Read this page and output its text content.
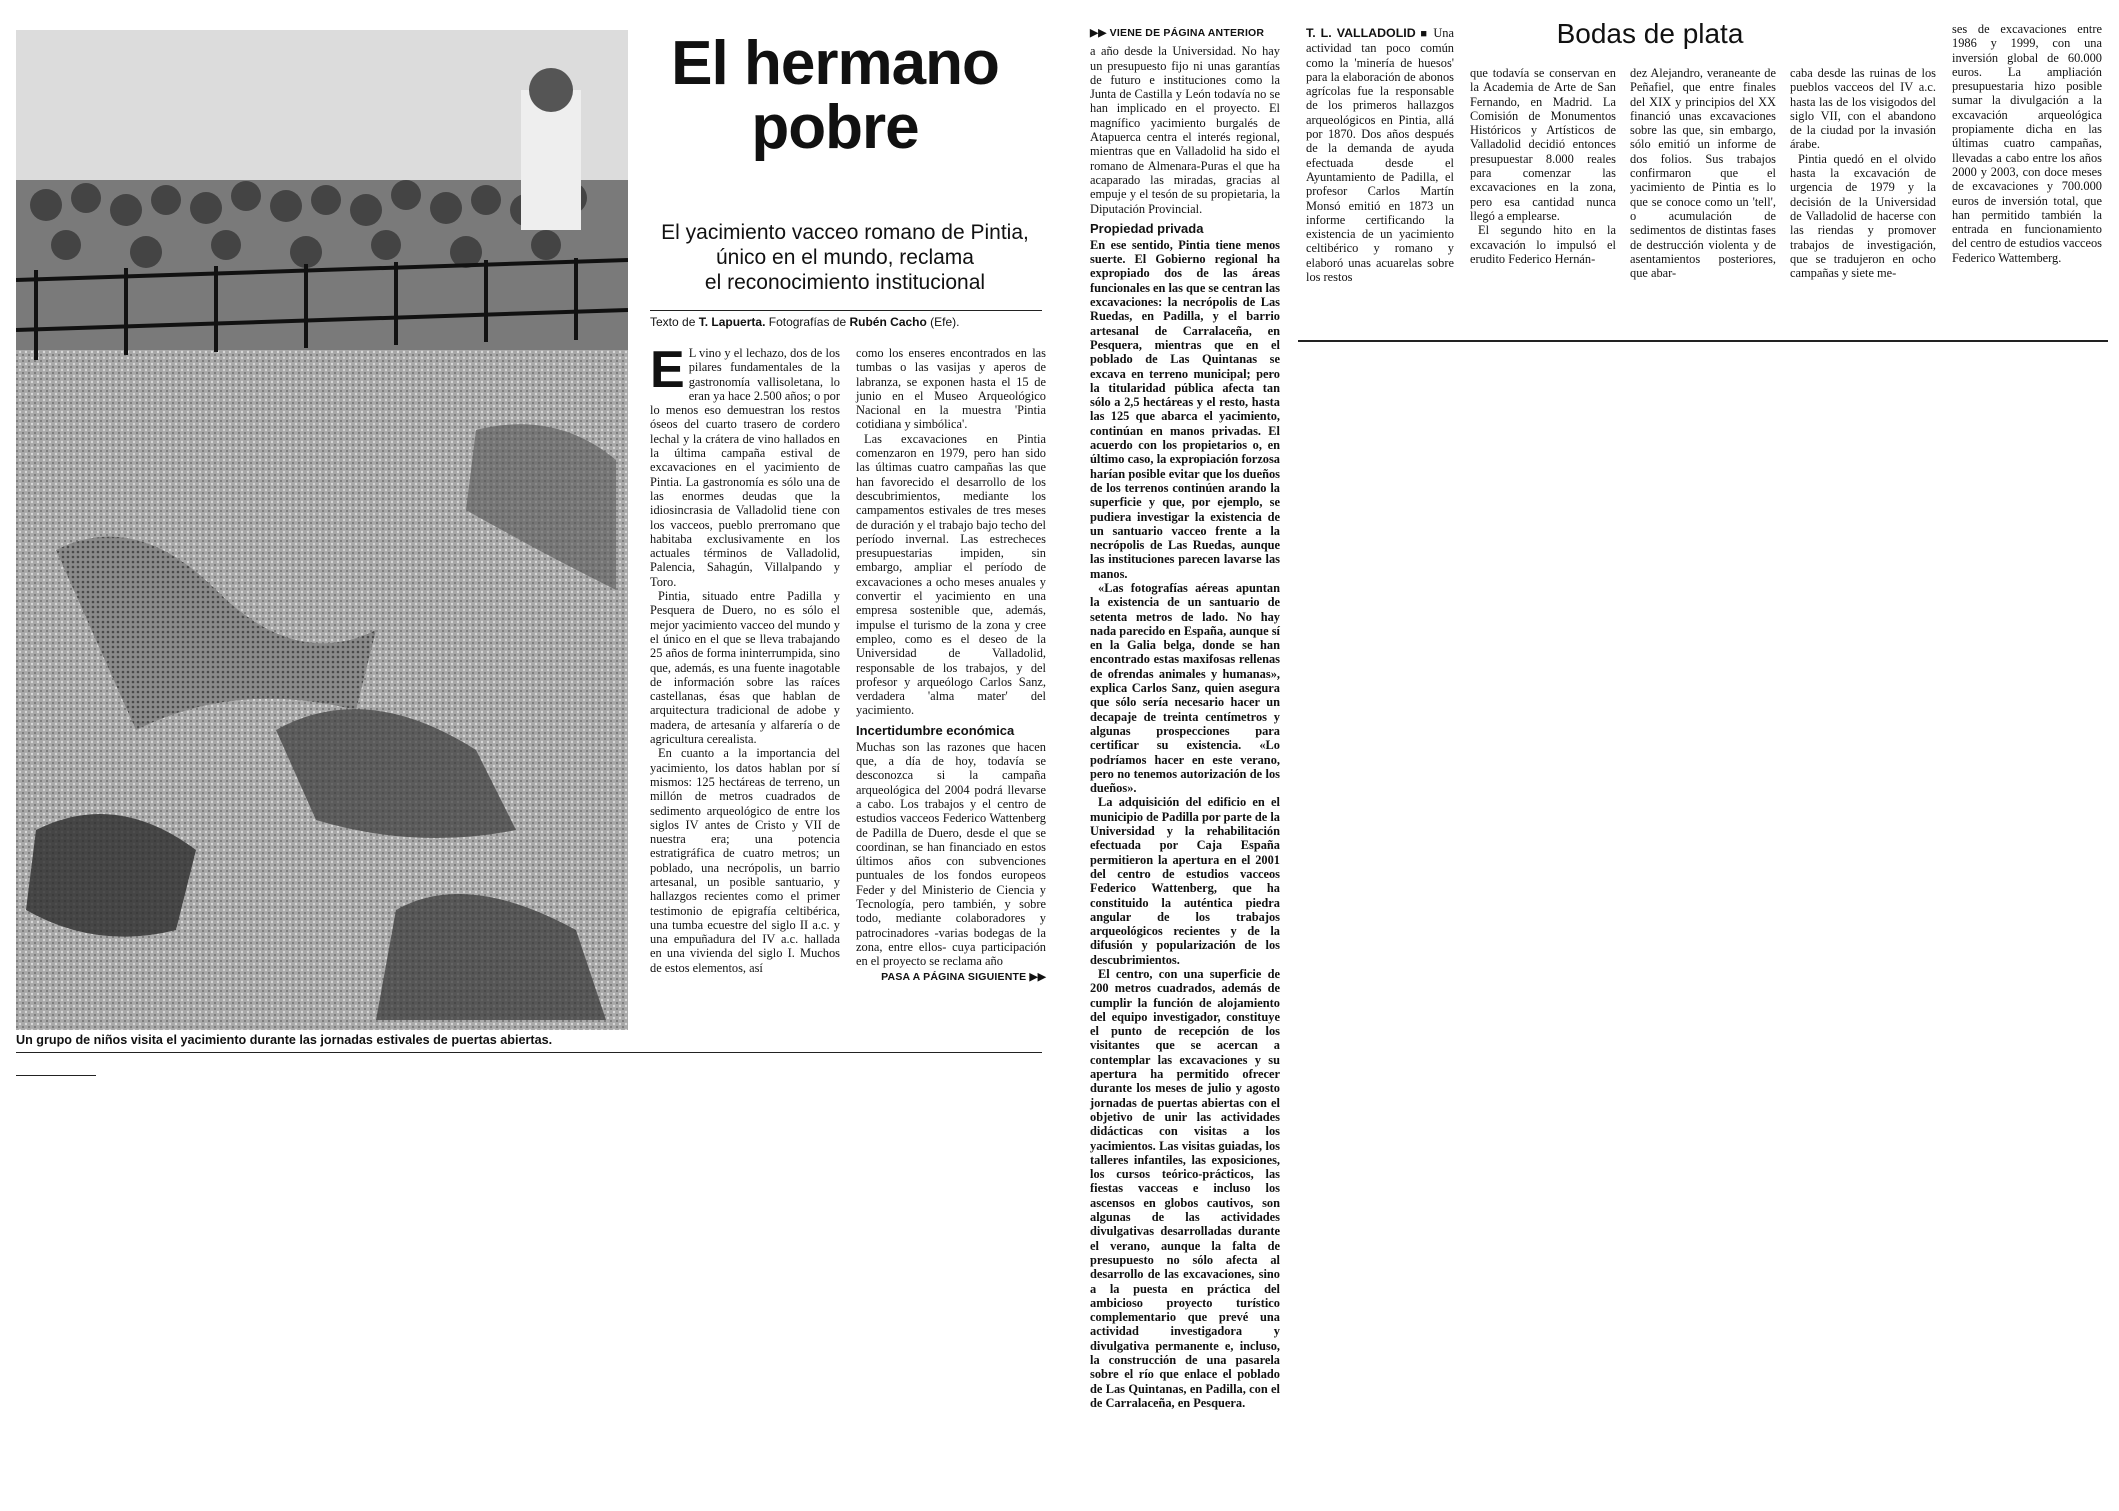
Un grupo de niños visita el yacimiento durante las jornadas estivales de puertas abiertas.
El hermano
pobre
El yacimiento vacceo romano de Pintia,
único en el mundo, reclama
el reconocimiento institucional
Texto de T. Lapuerta. Fotografías de Rubén Cacho (Efe).

E L vino y el lechazo, dos de los pilares fundamentales de la gastronomía vallisoletana, lo eran ya hace 2.500 años; o por lo menos eso demuestran los restos óseos del cuarto trasero de cordero lechal y la crátera de vino hallados en la última campaña estival de excavaciones en el yacimiento de Pintia. La gastronomía es sólo una de las enormes deudas que la idiosincrasia de Valladolid tiene con los vacceos, pueblo prerromano que habitaba exclusivamente en los actuales términos de Valladolid, Palencia, Sahagún, Villalpando y Toro.

Pintia, situado entre Padilla y Pesquera de Duero, no es sólo el mejor yacimiento vacceo del mundo y el único en el que se lleva trabajando 25 años de forma ininterrumpida, sino que, además, es una fuente inagotable de información sobre las raíces castellanas, ésas que hablan de arquitectura tradicional de adobe y madera, de artesanía y alfarería o de agricultura cerealista.

En cuanto a la importancia del yacimiento, los datos hablan por sí mismos: 125 hectáreas de terreno, un millón de metros cuadrados de sedimento arqueológico de entre los siglos IV antes de Cristo y VII de nuestra era; una potencia estratigráfica de cuatro metros; un poblado, una necrópolis, un barrio artesanal, un posible santuario, y hallazgos recientes como el primer testimonio de epigrafía celtibérica, una tumba ecuestre del siglo II a.c. y una empuñadura del IV a.c. hallada en una vivienda del siglo I. Muchos de estos elementos, así

como los enseres encontrados en las tumbas o las vasijas y aperos de labranza, se exponen hasta el 15 de junio en el Museo Arqueológico Nacional en la muestra 'Pintia cotidiana y simbólica'.

Las excavaciones en Pintia comenzaron en 1979, pero han sido las últimas cuatro campañas las que han favorecido el desarrollo de los descubrimientos, mediante los campamentos estivales de tres meses de duración y el trabajo bajo techo del período invernal. Las estrecheces presupuestarias impiden, sin embargo, ampliar el período de excavaciones a ocho meses anuales y convertir el yacimiento en una empresa sostenible que, además, impulse el turismo de la zona y cree empleo, como es el deseo de la Universidad de Valladolid, responsable de los trabajos, y del profesor y arqueólogo Carlos Sanz, verdadera 'alma mater' del yacimiento.

Incertidumbre económica

Muchas son las razones que hacen que, a día de hoy, todavía se desconozca si la campaña arqueológica del 2004 podrá llevarse a cabo. Los trabajos y el centro de estudios vacceos Federico Wattenberg de Padilla de Duero, desde el que se coordinan, se han financiado en estos últimos años con subvenciones puntuales de los fondos europeos Feder y del Ministerio de Ciencia y Tecnología, pero también, y sobre todo, mediante colaboradores y patrocinadores -varias bodegas de la zona, entre ellos- cuya participación en el proyecto se reclama año

PASA A PÁGINA SIGUIENTE ▶▶
▶▶ VIENE DE PÁGINA ANTERIOR

a año desde la Universidad. No hay un presupuesto fijo ni unas garantías de futuro e instituciones como la Junta de Castilla y León todavía no se han implicado en el proyecto. El magnífico yacimiento burgalés de Atapuerca centra el interés regional, mientras que en Valladolid ha sido el romano de Almenara-Puras el que ha acaparado las miradas, gracias al empuje y el tesón de su propietaria, la Diputación Provincial.

Propiedad privada

En ese sentido, Pintia tiene menos suerte. El Gobierno regional ha expropiado dos de las áreas funcionales en las que se centran las excavaciones: la necrópolis de Las Ruedas, en Padilla, y el barrio artesanal de Carralaceña, en Pesquera, mientras que en el poblado de Las Quintanas se excava en terreno municipal; pero la titularidad pública afecta tan sólo a 2,5 hectáreas y el resto, hasta las 125 que abarca el yacimiento, continúan en manos privadas. El acuerdo con los propietarios o, en último caso, la expropiación forzosa harían posible evitar que los dueños de los terrenos continúen arando la superficie y que, por ejemplo, se pudiera investigar la existencia de un santuario vacceo frente a la necrópolis de Las Ruedas, aunque las instituciones parecen lavarse las manos.

«Las fotografías aéreas apuntan la existencia de un santuario de setenta metros de lado. No hay nada parecido en España, aunque sí en la Galia belga, donde se han encontrado estas maxifosas rellenas de ofrendas animales y humanas», explica Carlos Sanz, quien asegura que sólo sería necesario hacer un decapaje de treinta centímetros y algunas prospecciones para certificar su existencia. «Lo podríamos hacer en este verano, pero no tenemos autorización de los dueños».

La adquisición del edificio en el municipio de Padilla por parte de la Universidad y la rehabilitación efectuada por Caja España permitieron la apertura en el 2001 del centro de estudios vacceos Federico Wattenberg, que ha constituido la auténtica piedra angular de los trabajos arqueológicos recientes y de la difusión y popularización de los descubrimientos.

El centro, con una superficie de 200 metros cuadrados, además de cumplir la función de alojamiento del equipo investigador, constituye el punto de recepción de los visitantes que se acercan a contemplar las excavaciones y su apertura ha permitido ofrecer durante los meses de julio y agosto jornadas de puertas abiertas con el objetivo de unir las actividades didácticas con visitas a los yacimientos. Las visitas guiadas, los talleres infantiles, las exposiciones, los cursos teórico-prácticos, las fiestas vacceas e incluso los ascensos en globos cautivos, son algunas de las actividades divulgativas desarrolladas durante el verano, aunque la falta de presupuesto no sólo afecta al desarrollo de las excavaciones, sino a la puesta en práctica del ambicioso proyecto turístico complementario que prevé una actividad investigadora y divulgativa permanente e, incluso, la construcción de una pasarela sobre el río que enlace el poblado de Las Quintanas, en Padilla, con el de Carralaceña, en Pesquera.

Bodas de plata

T. L. VALLADOLID ■ Una actividad tan poco común como la 'minería de huesos' para la elaboración de abonos agrícolas fue la responsable de los primeros hallazgos arqueológicos en Pintia, allá por 1870. Dos años después de la demanda de ayuda efectuada desde el Ayuntamiento de Padilla, el profesor Carlos Martín Monsó emitió en 1873 un informe certificando la existencia de un yacimiento celtibérico y romano y elaboró unas acuarelas sobre los restos

que todavía se conservan en la Academia de Arte de San Fernando, en Madrid. La Comisión de Monumentos Históricos y Artísticos de Valladolid decidió entonces presupuestar 8.000 reales para comenzar las excavaciones en la zona, pero esa cantidad nunca llegó a emplearse.

El segundo hito en la excavación lo impulsó el erudito Federico Hernán-

dez Alejandro, veraneante de Peñafiel, que entre finales del XIX y principios del XX financió unas excavaciones sobre las que, sin embargo, sólo emitió un informe de dos folios. Sus trabajos confirmaron que el yacimiento de Pintia es lo que se conoce como un 'tell', o acumulación de sedimentos de distintas fases de destrucción violenta y de asentamientos posteriores, que abar-

caba desde las ruinas de los pueblos vacceos del IV a.c. hasta las de los visigodos del siglo VII, con el abandono de la ciudad por la invasión árabe.

Pintia quedó en el olvido hasta la excavación de urgencia de 1979 y la decisión de la Universidad de Valladolid de hacerse con las riendas y promover trabajos de investigación, que se tradujeron en ocho campañas y siete me-

ses de excavaciones entre 1986 y 1999, con una inversión global de 60.000 euros. La ampliación presupuestaria hizo posible sumar la divulgación a la excavación arqueológica propiamente dicha en las últimas cuatro campañas, llevadas a cabo entre los años 2000 y 2003, con doce meses de excavaciones y 700.000 euros de inversión total, que han permitido también la entrada en funcionamiento del centro de estudios vacceos Federico Wattemberg.
